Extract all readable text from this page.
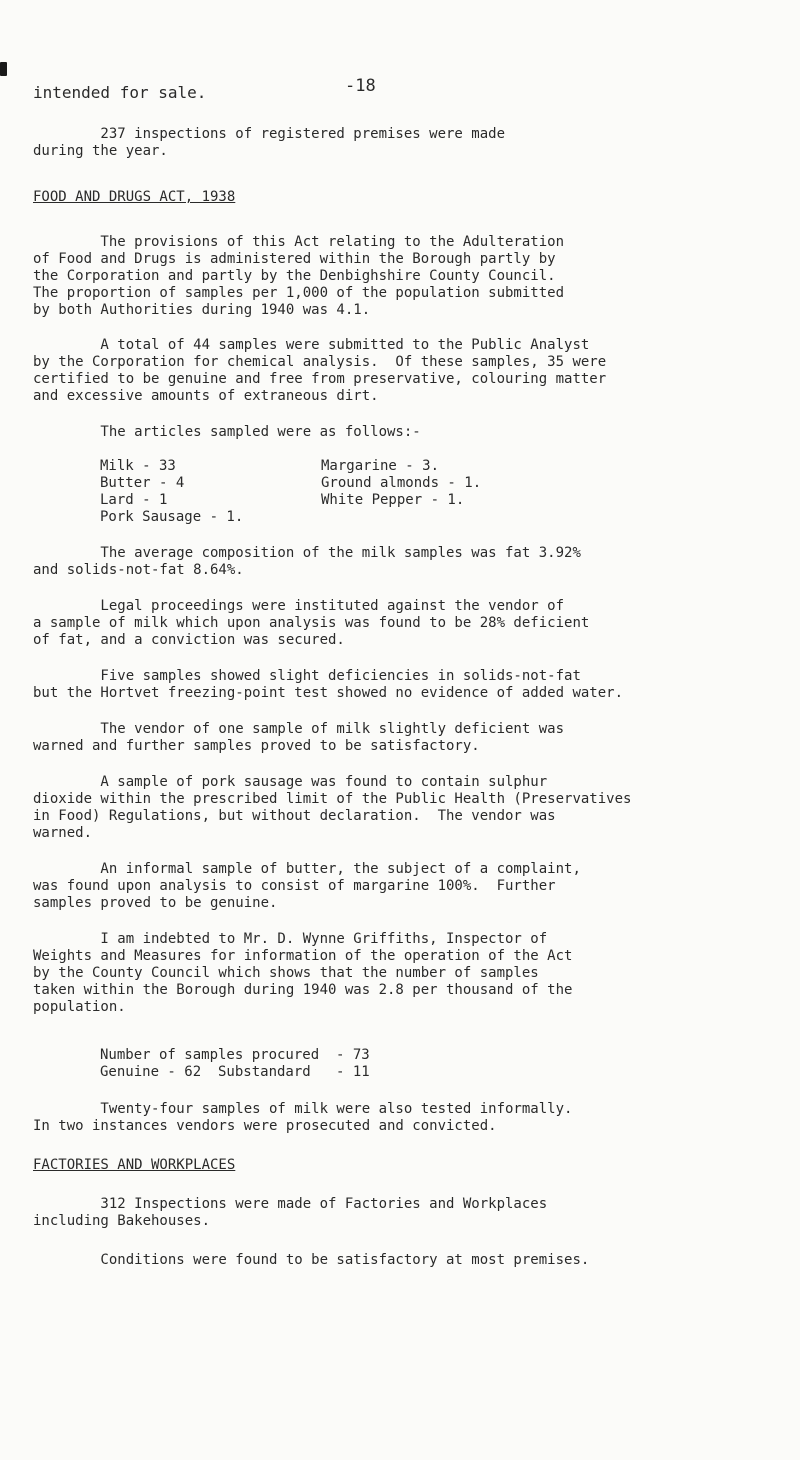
intended for sale.	-18

237 inspections of registered premises were made

during the year.

FOOD AND DRUGS ACT, 1938

The provisions of this Act relating to the Adulteration

of Food and Drugs is administered within the Borough partly by

the Corporation and partly by the Denbighshire County Council.

The proportion of samples per 1,000 of the population submitted

by both Authorities during 1940 was 4.1.

A total of 44 samples were submitted to the Public Analyst

by the Corporation for chemical analysis.  Of these samples, 35 were

certified to be genuine and free from preservative, colouring matter

and excessive amounts of extraneous dirt.

The articles sampled were as follows:-

Milk - 33	Margarine - 3.
Butter - 4	Ground almonds - 1.
Lard - 1	White Pepper - 1.
Pork Sausage - 1.

The average composition of the milk samples was fat 3.92%

and solids-not-fat 8.64%.

Legal proceedings were instituted against the vendor of

a sample of milk which upon analysis was found to be 28% deficient

of fat, and a conviction was secured.

Five samples showed slight deficiencies in solids-not-fat

but the Hortvet freezing-point test showed no evidence of added water.

The vendor of one sample of milk slightly deficient was

warned and further samples proved to be satisfactory.

A sample of pork sausage was found to contain sulphur

dioxide within the prescribed limit of the Public Health (Preservatives

in Food) Regulations, but without declaration.  The vendor was

warned.

An informal sample of butter, the subject of a complaint,

was found upon analysis to consist of margarine 100%.  Further

samples proved to be genuine.

I am indebted to Mr. D. Wynne Griffiths, Inspector of

Weights and Measures for information of the operation of the Act

by the County Council which shows that the number of samples

taken within the Borough during 1940 was 2.8 per thousand of the

population.

Number of samples procured  - 73

Genuine - 62  Substandard   - 11

Twenty-four samples of milk were also tested informally.

In two instances vendors were prosecuted and convicted.

FACTORIES AND WORKPLACES

312 Inspections were made of Factories and Workplaces

including Bakehouses.

Conditions were found to be satisfactory at most premises.
